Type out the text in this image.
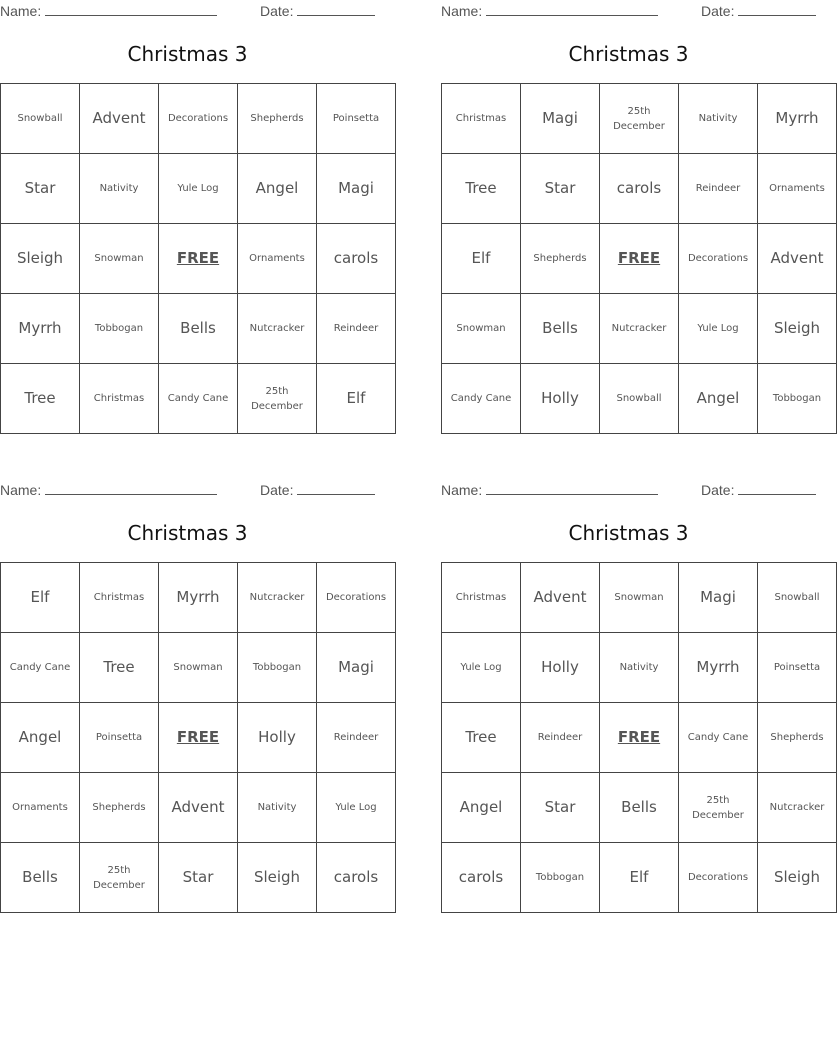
Name:	Date:
Christmas 3
Snowball	Advent	Decorations	Shepherds	Poinsetta
Star	Nativity	Yule Log	Angel	Magi
Sleigh	Snowman	FREE	Ornaments	carols
Myrrh	Tobbogan	Bells	Nutcracker	Reindeer
Tree	Christmas	Candy Cane	25th December	Elf
Name:	Date:
Christmas 3
Christmas	Magi	25th December	Nativity	Myrrh
Tree	Star	carols	Reindeer	Ornaments
Elf	Shepherds	FREE	Decorations	Advent
Snowman	Bells	Nutcracker	Yule Log	Sleigh
Candy Cane	Holly	Snowball	Angel	Tobbogan
Name:	Date:
Christmas 3
Elf	Christmas	Myrrh	Nutcracker	Decorations
Candy Cane	Tree	Snowman	Tobbogan	Magi
Angel	Poinsetta	FREE	Holly	Reindeer
Ornaments	Shepherds	Advent	Nativity	Yule Log
Bells	25th December	Star	Sleigh	carols
Name:	Date:
Christmas 3
Christmas	Advent	Snowman	Magi	Snowball
Yule Log	Holly	Nativity	Myrrh	Poinsetta
Tree	Reindeer	FREE	Candy Cane	Shepherds
Angel	Star	Bells	25th December	Nutcracker
carols	Tobbogan	Elf	Decorations	Sleigh
